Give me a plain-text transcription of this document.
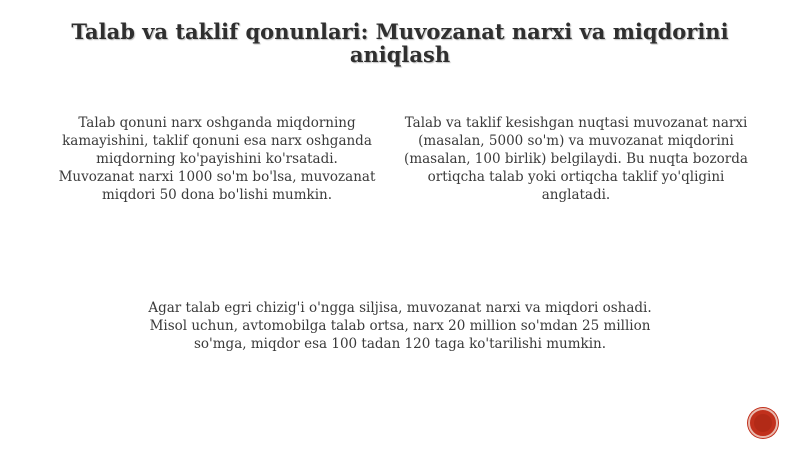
Talab va taklif qonunlari: Muvozanat narxi va miqdorini aniqlash

Talab qonuni narx oshganda miqdorning kamayishini, taklif qonuni esa narx oshganda miqdorning ko'payishini ko'rsatadi. Muvozanat narxi 1000 so'm bo'lsa, muvozanat miqdori 50 dona bo'lishi mumkin.

Talab va taklif kesishgan nuqtasi muvozanat narxi (masalan, 5000 so'm) va muvozanat miqdorini (masalan, 100 birlik) belgilaydi. Bu nuqta bozorda ortiqcha talab yoki ortiqcha taklif yo'qligini anglatadi.

Agar talab egri chizig'i o'ngga siljisa, muvozanat narxi va miqdori oshadi. Misol uchun, avtomobilga talab ortsa, narx 20 million so'mdan 25 million so'mga, miqdor esa 100 tadan 120 taga ko'tarilishi mumkin.
